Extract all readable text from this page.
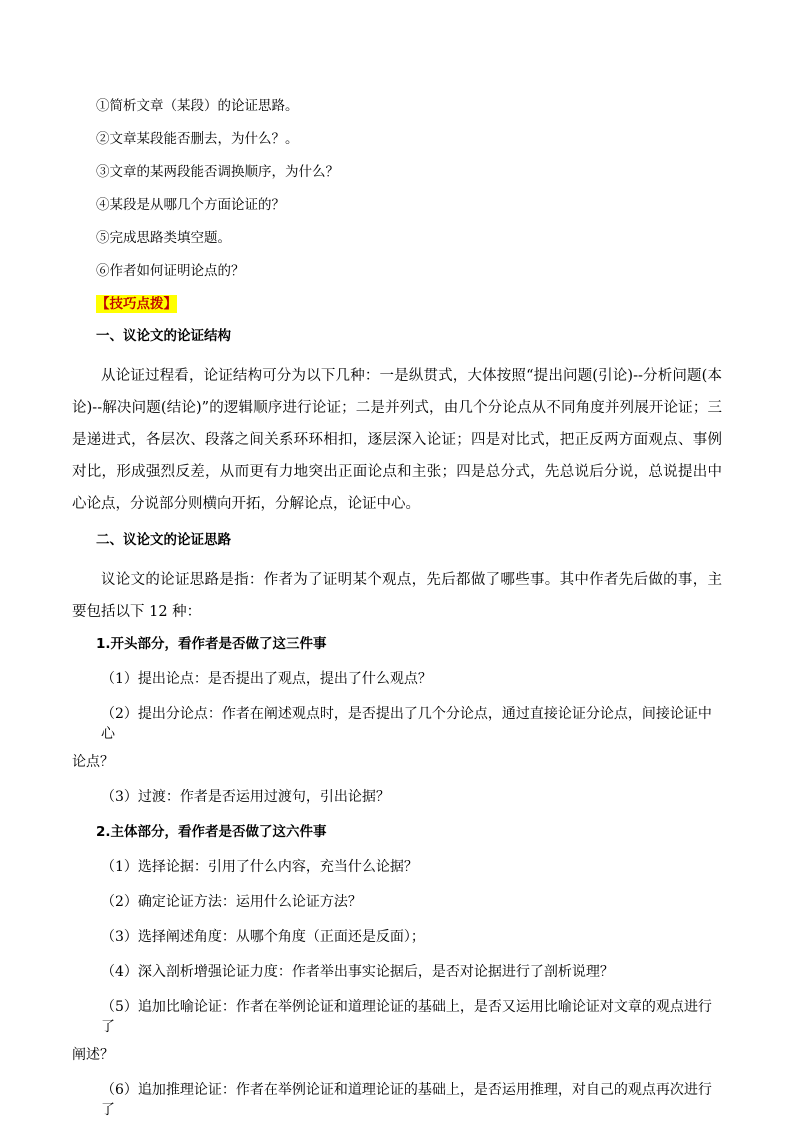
①简析文章（某段）的论证思路。
②文章某段能否删去，为什么？。
③文章的某两段能否调换顺序，为什么？
④某段是从哪几个方面论证的？
⑤完成思路类填空题。
⑥作者如何证明论点的？
【技巧点拨】
一、议论文的论证结构

从论证过程看，论证结构可分为以下几种：一是纵贯式，大体按照“提出问题(引论)--分析问题(本论)--解决问题(结论)”的逻辑顺序进行论证；二是并列式，由几个分论点从不同角度并列展开论证；三是递进式，各层次、段落之间关系环环相扣，逐层深入论证；四是对比式，把正反两方面观点、事例对比，形成强烈反差，从而更有力地突出正面论点和主张；四是总分式，先总说后分说，总说提出中心论点，分说部分则横向开拓，分解论点，论证中心。

二、议论文的论证思路

议论文的论证思路是指：作者为了证明某个观点，先后都做了哪些事。其中作者先后做的事，主要包括以下 12 种：

1.开头部分，看作者是否做了这三件事
（1）提出论点：是否提出了观点，提出了什么观点？
（2）提出分论点：作者在阐述观点时，是否提出了几个分论点，通过直接论证分论点，间接论证中心
论点？
（3）过渡：作者是否运用过渡句，引出论据？
2.主体部分，看作者是否做了这六件事
（1）选择论据：引用了什么内容，充当什么论据？
（2）确定论证方法：运用什么论证方法？
（3）选择阐述角度：从哪个角度（正面还是反面）；
（4）深入剖析增强论证力度：作者举出事实论据后，是否对论据进行了剖析说理？
（5）追加比喻论证：作者在举例论证和道理论证的基础上，是否又运用比喻论证对文章的观点进行了
阐述？
（6）追加推理论证：作者在举例论证和道理论证的基础上，是否运用推理，对自己的观点再次进行了
